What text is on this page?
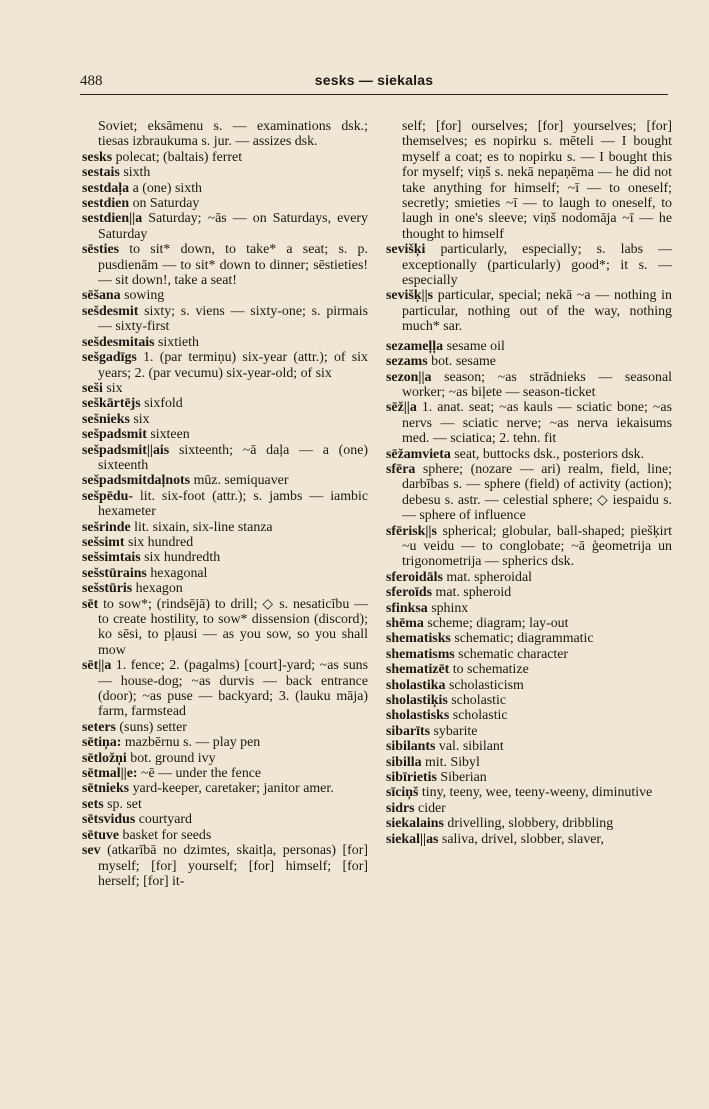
488	sesks — siekalas

Soviet; eksāmenu s. — examinations dsk.; tiesas izbraukuma s. jur. — assizes dsk.

sesks polecat; (baltais) ferret

sestais sixth

sestdaļa a (one) sixth

sestdien on Saturday

sestdien||a Saturday; ~ās — on Saturdays, every Saturday

sēsties to sit* down, to take* a seat; s. p. pusdienām — to sit* down to dinner; sēstieties! — sit down!, take a seat!

sēšana sowing

sešdesmit sixty; s. viens — sixty-one; s. pirmais — sixty-first

sešdesmitais sixtieth

sešgadīgs 1. (par termiņu) six-year (attr.); of six years; 2. (par vecumu) six-year-old; of six

seši six

seškārtējs sixfold

sešnieks six

sešpadsmit sixteen

sešpadsmit||ais sixteenth; ~ā daļa — a (one) sixteenth

sešpadsmitdaļnots mūz. semiquaver

sešpēdu- lit. six-foot (attr.); s. jambs — iambic hexameter

sešrinde lit. sixain, six-line stanza

sešsimt six hundred

sešsimtais six hundredth

sešstūrains hexagonal

sešstūris hexagon

sēt to sow*; (rindsējā) to drill; ◇ s. nesaticību — to create hostility, to sow* dissension (discord); ko sēsi, to pļausi — as you sow, so you shall mow

sēt||a 1. fence; 2. (pagalms) [court]-yard; ~as suns — house-dog; ~as durvis — back entrance (door); ~as puse — backyard; 3. (lauku māja) farm, farmstead

seters (suns) setter

sētiņa: mazbērnu s. — play pen

sētložņi bot. ground ivy

sētmal||e: ~ē — under the fence

sētnieks yard-keeper, caretaker; janitor amer.

sets sp. set

sētsvidus courtyard

sētuve basket for seeds

sev (atkarībā no dzimtes, skaitļa, personas) [for] myself; [for] yourself; [for] himself; [for] herself; [for] it-

self; [for] ourselves; [for] yourselves; [for] themselves; es nopirku s. mēteli — I bought myself a coat; es to nopirku s. — I bought this for myself; viņš s. nekā nepaņēma — he did not take anything for himself; ~ī — to oneself; secretly; smieties ~ī — to laugh to oneself, to laugh in one's sleeve; viņš nodomāja ~ī — he thought to himself

sevišķi particularly, especially; s. labs — exceptionally (particularly) good*; it s. — especially

sevišķ||s particular, special; nekā ~a — nothing in particular, nothing out of the way, nothing much* sar.

sezameļļa sesame oil

sezams bot. sesame

sezon||a season; ~as strādnieks — seasonal worker; ~as biļete — season-ticket

sēž||a 1. anat. seat; ~as kauls — sciatic bone; ~as nervs — sciatic nerve; ~as nerva iekaisums med. — sciatica; 2. tehn. fit

sēžamvieta seat, buttocks dsk., posteriors dsk.

sfēra sphere; (nozare — ari) realm, field, line; darbības s. — sphere (field) of activity (action); debesu s. astr. — celestial sphere; ◇ iespaidu s. — sphere of influence

sfērisk||s spherical; globular, ball-shaped; piešķirt ~u veidu — to conglobate; ~ā ģeometrija un trigonometrija — spherics dsk.

sferoidāls mat. spheroidal

sferoīds mat. spheroid

sfinksa sphinx

shēma scheme; diagram; lay-out

shematisks schematic; diagrammatic

shematisms schematic character

shematizēt to schematize

sholastika scholasticism

sholastiķis scholastic

sholastisks scholastic

sibarīts sybarite

sibilants val. sibilant

sibilla mit. Sibyl

sibīrietis Siberian

sīciņš tiny, teeny, wee, teeny-weeny, diminutive

sidrs cider

siekalains drivelling, slobbery, dribbling

siekal||as saliva, drivel, slobber, slaver,
